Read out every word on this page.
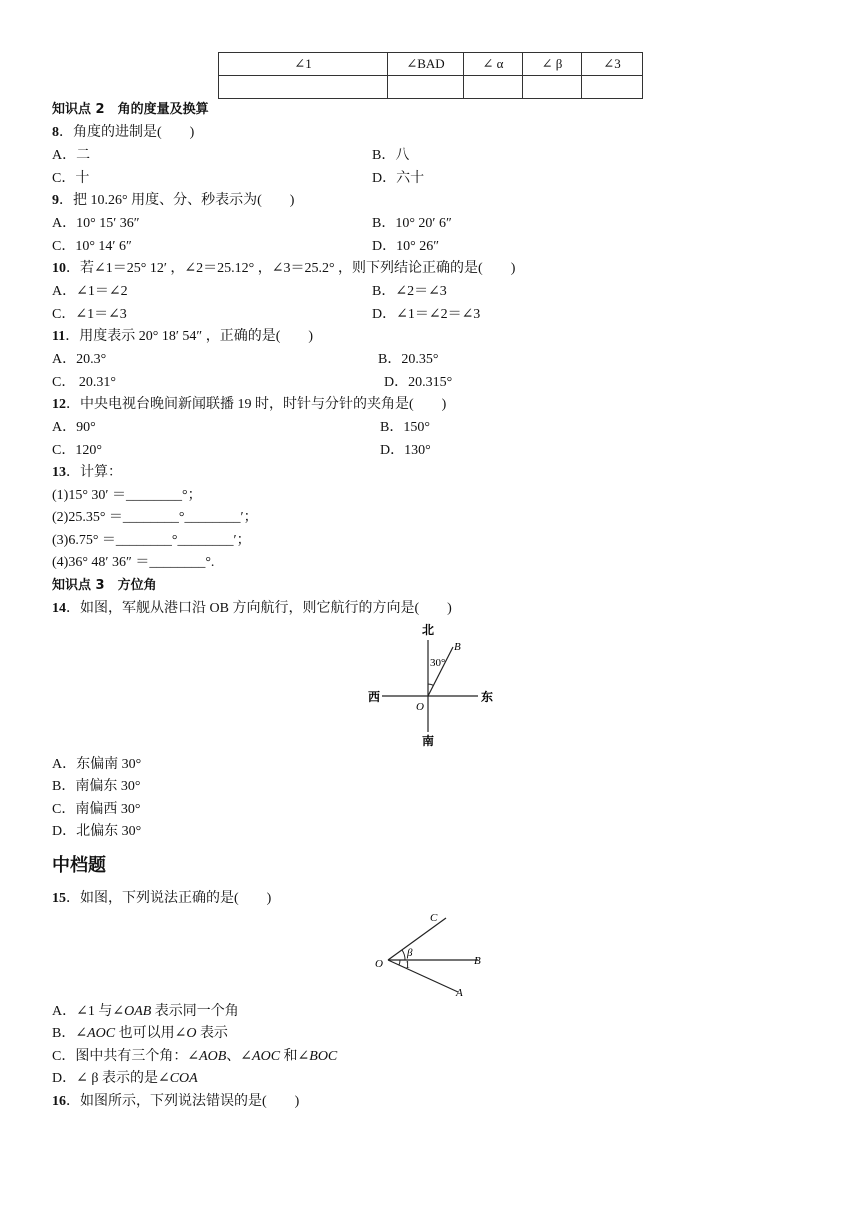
∠1	∠BAD	∠ α	∠ β	∠3

知识点 2　角的度量及换算
8．角度的进制是(　　)
A．二	B．八
C．十	D．六十
9．把 10.26° 用度、分、秒表示为(　　)
A．10° 15′ 36″	B．10° 20′ 6″
C．10° 14′ 6″	D．10° 26″
10．若∠1＝25° 12′ ，∠2＝25.12° ，∠3＝25.2° ，则下列结论正确的是(　　)
A．∠1＝∠2	B．∠2＝∠3
C．∠1＝∠3	D．∠1＝∠2＝∠3
11．用度表示 20° 18′ 54″ ，正确的是(　　)
A．20.3°	B．20.35°
C． 20.31°	D．20.315°
12．中央电视台晚间新闻联播 19 时，时针与分针的夹角是(　　)
A．90°	B．150°
C．120°	D．130°
13．计算：
(1)15° 30′ ＝________°；
(2)25.35° ＝________°________′；
(3)6.75° ＝________°________′；
(4)36° 48′ 36″ ＝________°.
知识点 3　方位角
14．如图，军舰从港口沿 OB 方向航行，则它航行的方向是(　　)
北
南
西	东
30°
B
O
A．东偏南 30°
B．南偏东 30°
C．南偏西 30°
D．北偏东 30°
中档题
15．如图，下列说法正确的是(　　)
β
1
C
B
A
O
A．∠1 与∠OAB 表示同一个角
B．∠AOC 也可以用∠O 表示
C．图中共有三个角：∠AOB、∠AOC 和∠BOC
D．∠ β 表示的是∠COA
16．如图所示，下列说法错误的是(　　)
